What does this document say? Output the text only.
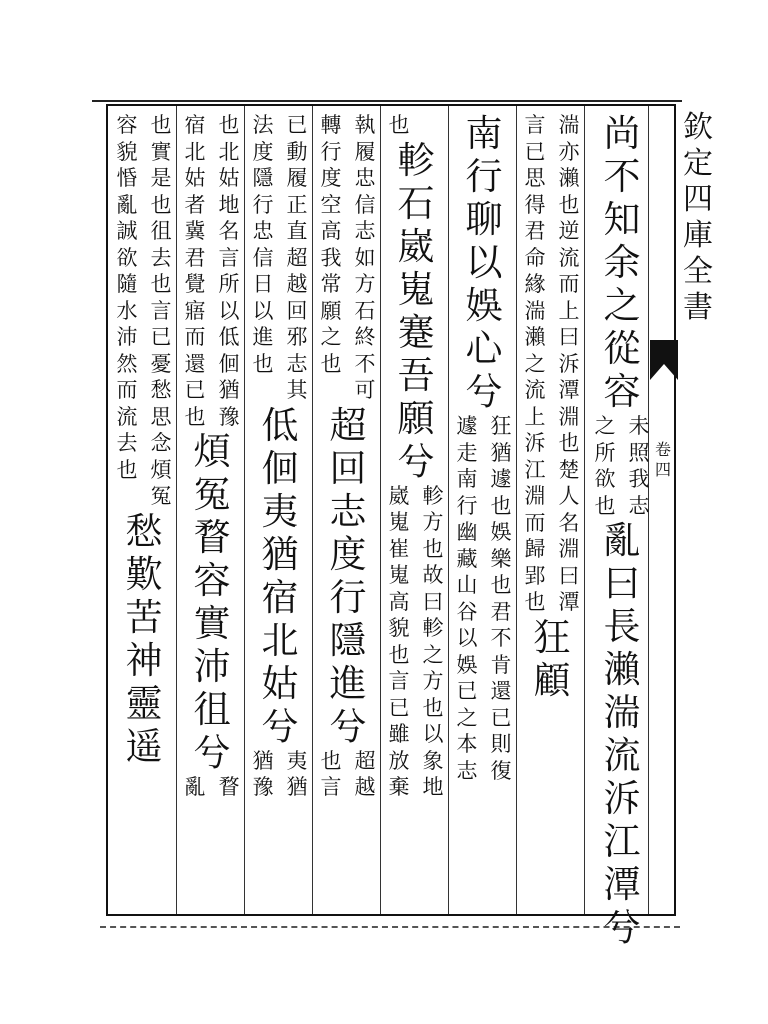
欽
定
四
庫
全
書
卷
四
尚
不
知
余
之
從
容
未
照
我
志
之
所
欲
也
亂
曰
長
瀨
湍
流
泝
江
潭
兮
湍
亦
瀨
也
逆
流
而
上
曰
泝
潭
淵
也
楚
人
名
淵
曰
潭
言
已
思
得
君
命
緣
湍
瀨
之
流
上
泝
江
淵
而
歸
郢
也
狂
顧
南
行
聊
以
娛
心
兮
狂
猶
遽
也
娛
樂
也
君
不
肯
還
已
則
復
遽
走
南
行
幽
藏
山
谷
以
娛
已
之
本
志
也
軫
石
崴
嵬
蹇
吾
願
兮
軫
方
也
故
曰
軫
之
方
也
以
象
地
崴
嵬
崔
嵬
高
貌
也
言
已
雖
放
棄
執
履
忠
信
志
如
方
石
終
不
可
轉
行
度
空
高
我
常
願
之
也
超
回
志
度
行
隱
進
兮
超
越
也
言
已
動
履
正
直
超
越
回
邪
志
其
法
度
隱
行
忠
信
日
以
進
也
低
佪
夷
猶
宿
北
姑
兮
夷
猶
猶
豫
也
北
姑
地
名
言
所
以
低
佪
猶
豫
宿
北
姑
者
冀
君
覺
寤
而
還
已
也
煩
冤
瞀
容
實
沛
徂
兮
瞀
亂
也
實
是
也
徂
去
也
言
已
憂
愁
思
念
煩
冤
容
貌
惛
亂
誠
欲
隨
水
沛
然
而
流
去
也
愁
歎
苦
神
靈
遥
